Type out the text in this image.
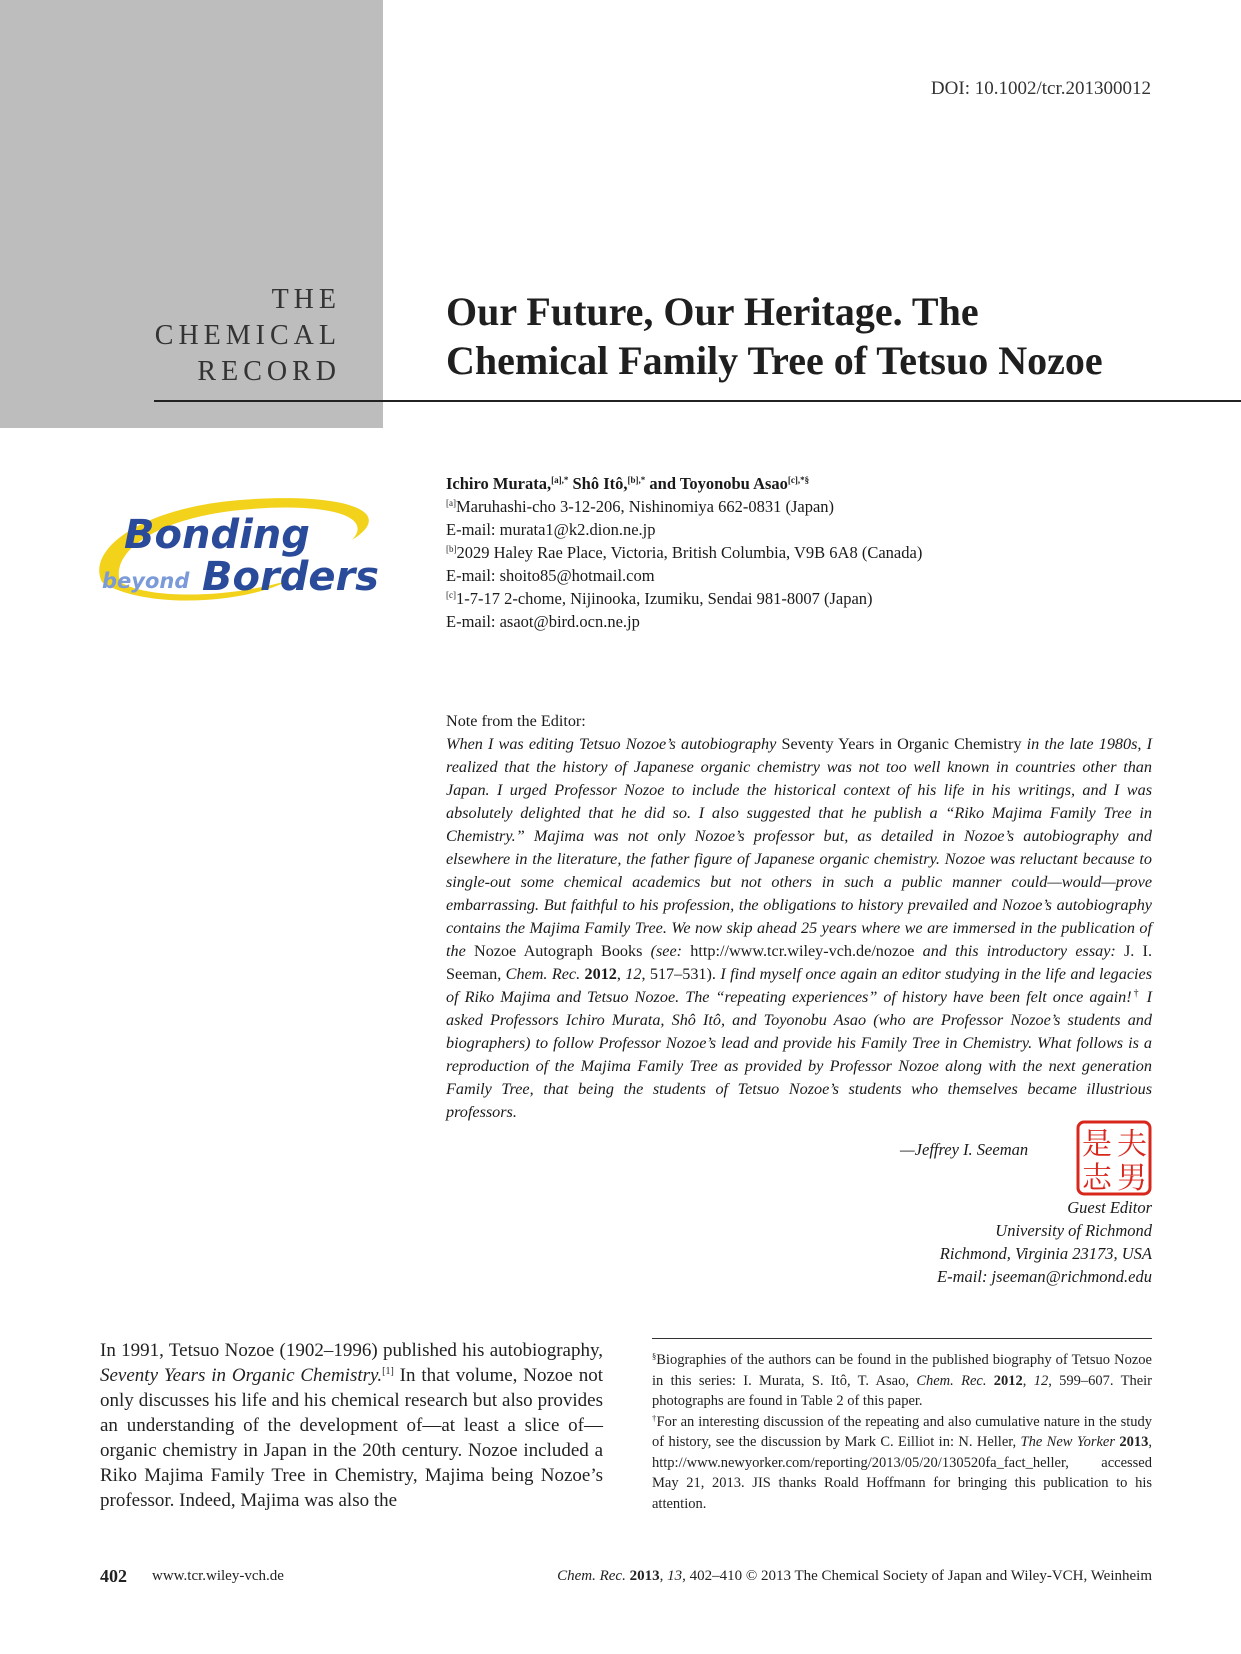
THE
CHEMICAL
RECORD
DOI: 10.1002/tcr.201300012
Our Future, Our Heritage. The
Chemical Family Tree of Tetsuo Nozoe
Bonding
beyond Borders
Ichiro Murata,$^{[a],*}$ Shô Itô,$^{[b],*}$ and Toyonobu Asao$^{[c],*\S}$
[a]Maruhashi-cho 3-12-206, Nishinomiya 662-0831 (Japan)
E-mail: murata1@k2.dion.ne.jp
[b]2029 Haley Rae Place, Victoria, British Columbia, V9B 6A8 (Canada)
E-mail: shoito85@hotmail.com
[c]1-7-17 2-chome, Nijinooka, Izumiku, Sendai 981-8007 (Japan)
E-mail: asaot@bird.ocn.ne.jp
Note from the Editor:
When I was editing Tetsuo Nozoe’s autobiography Seventy Years in Organic Chemistry in the late 1980s, I realized that the history of Japanese organic chemistry was not too well known in countries other than Japan. I urged Professor Nozoe to include the historical context of his life in his writings, and I was absolutely delighted that he did so. I also suggested that he publish a “Riko Majima Family Tree in Chemistry.” Majima was not only Nozoe’s professor but, as detailed in Nozoe’s autobiography and elsewhere in the literature, the father figure of Japanese organic chemistry. Nozoe was reluctant because to single-out some chemical academics but not others in such a public manner could—would—prove embarrassing. But faithful to his profession, the obligations to history prevailed and Nozoe’s autobiography contains the Majima Family Tree. We now skip ahead 25 years where we are immersed in the publication of the Nozoe Autograph Books (see: http://www.tcr.wiley-vch.de/nozoe and this introductory essay: J. I. Seeman, Chem. Rec. 2012, 12, 517–531). I find myself once again an editor studying in the life and legacies of Riko Majima and Tetsuo Nozoe. The “repeating experiences” of history have been felt once again!† I asked Professors Ichiro Murata, Shô Itô, and Toyonobu Asao (who are Professor Nozoe’s students and biographers) to follow Professor Nozoe’s lead and provide his Family Tree in Chemistry. What follows is a reproduction of the Majima Family Tree as provided by Professor Nozoe along with the next generation Family Tree, that being the students of Tetsuo Nozoe’s students who themselves became illustrious professors.
—Jeffrey I. Seeman	夫
男
是
志
Guest Editor
University of Richmond
Richmond, Virginia 23173, USA
E-mail: jseeman@richmond.edu
In 1991, Tetsuo Nozoe (1902–1996) published his autobiography, Seventy Years in Organic Chemistry.[1] In that volume, Nozoe not only discusses his life and his chemical research but also provides an understanding of the development of—at least a slice of—organic chemistry in Japan in the 20th century. Nozoe included a Riko Majima Family Tree in Chemistry, Majima being Nozoe’s professor. Indeed, Majima was also the

§Biographies of the authors can be found in the published biography of Tetsuo Nozoe in this series: I. Murata, S. Itô, T. Asao, Chem. Rec. 2012, 12, 599–607. Their photographs are found in Table 2 of this paper.

†For an interesting discussion of the repeating and also cumulative nature in the study of history, see the discussion by Mark C. Eilliot in: N. Heller, The New Yorker 2013, http://www.newyorker.com/reporting/2013/05/20/130520fa_fact_heller, accessed May 21, 2013. JIS thanks Roald Hoffmann for bringing this publication to his attention.

402 www.tcr.wiley-vch.de	Chem. Rec. 2013, 13, 402–410 © 2013 The Chemical Society of Japan and Wiley-VCH, Weinheim
